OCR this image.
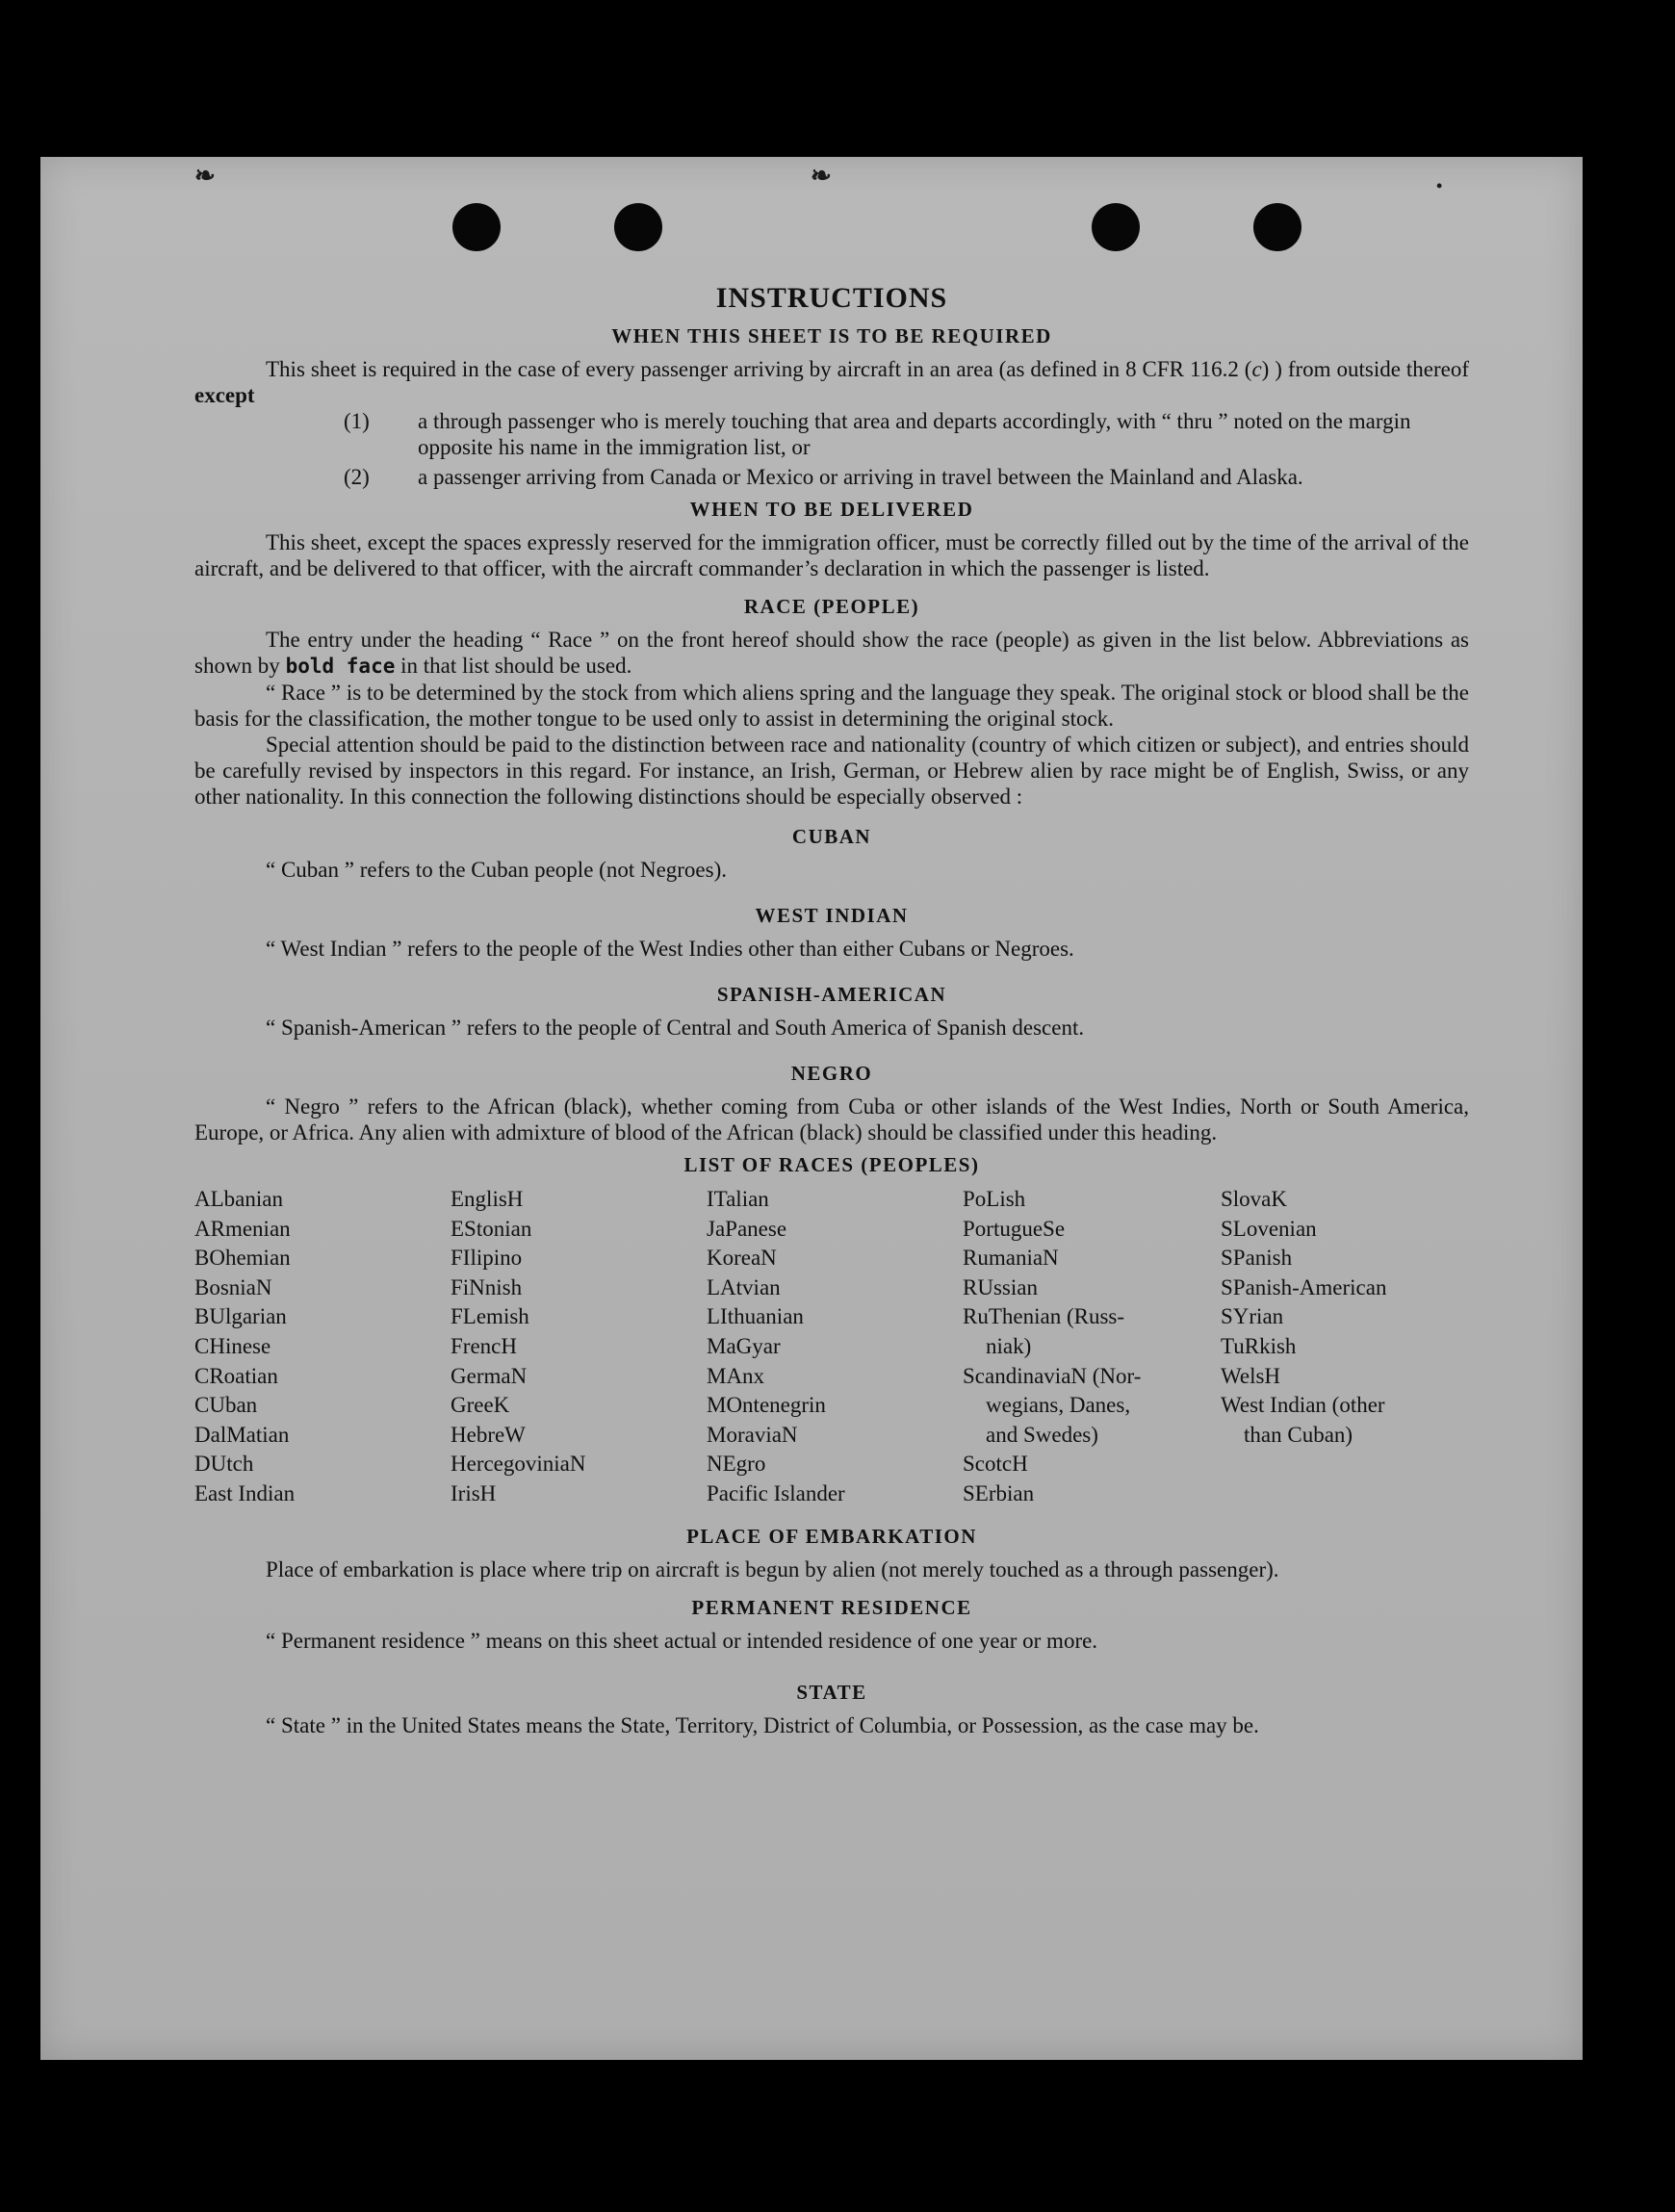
❧	❧	•
INSTRUCTIONS
WHEN THIS SHEET IS TO BE REQUIRED

This sheet is required in the case of every passenger arriving by aircraft in an area (as defined in 8 CFR 116.2 (c) ) from outside thereof except

(1) a through passenger who is merely touching that area and departs accordingly, with “ thru ” noted on the margin opposite his name in the immigration list, or
(2) a passenger arriving from Canada or Mexico or arriving in travel between the Mainland and Alaska.
WHEN TO BE DELIVERED

This sheet, except the spaces expressly reserved for the immigration officer, must be correctly filled out by the time of the arrival of the aircraft, and be delivered to that officer, with the aircraft commander’s declaration in which the passenger is listed.

RACE (PEOPLE)

The entry under the heading “ Race ” on the front hereof should show the race (people) as given in the list below. Abbreviations as shown by bold face in that list should be used.

“ Race ” is to be determined by the stock from which aliens spring and the language they speak. The original stock or blood shall be the basis for the classification, the mother tongue to be used only to assist in determining the original stock.

Special attention should be paid to the distinction between race and nationality (country of which citizen or subject), and entries should be carefully revised by inspectors in this regard. For instance, an Irish, German, or Hebrew alien by race might be of English, Swiss, or any other nationality. In this connection the following distinctions should be especially observed :

CUBAN

“ Cuban ” refers to the Cuban people (not Negroes).

WEST INDIAN

“ West Indian ” refers to the people of the West Indies other than either Cubans or Negroes.

SPANISH-AMERICAN

“ Spanish-American ” refers to the people of Central and South America of Spanish descent.

NEGRO

“ Negro ” refers to the African (black), whether coming from Cuba or other islands of the West Indies, North or South America, Europe, or Africa. Any alien with admixture of blood of the African (black) should be classified under this heading.

LIST OF RACES (PEOPLES)
ALbanian
ARmenian
BOhemian
BosniaN
BUlgarian
CHinese
CRoatian
CUban
DalMatian
DUtch
East Indian
EnglisH
EStonian
FIlipino
FiNnish
FLemish
FrencH
GermaN
GreeK
HebreW
HercegoviniaN
IrisH
ITalian
JaPanese
KoreaN
LAtvian
LIthuanian
MaGyar
MAnx
MOntenegrin
MoraviaN
NEgro
Pacific Islander
PoLish
PortugueSe
RumaniaN
RUssian
RuThenian (Russ-
niak)
ScandinaviaN (Nor-
wegians, Danes,
and Swedes)
ScotcH
SErbian
SlovaK
SLovenian
SPanish
SPanish-American
SYrian
TuRkish
WelsH
West Indian (other
than Cuban)
PLACE OF EMBARKATION

Place of embarkation is place where trip on aircraft is begun by alien (not merely touched as a through passenger).

PERMANENT RESIDENCE

“ Permanent residence ” means on this sheet actual or intended residence of one year or more.

STATE

“ State ” in the United States means the State, Territory, District of Columbia, or Possession, as the case may be.
